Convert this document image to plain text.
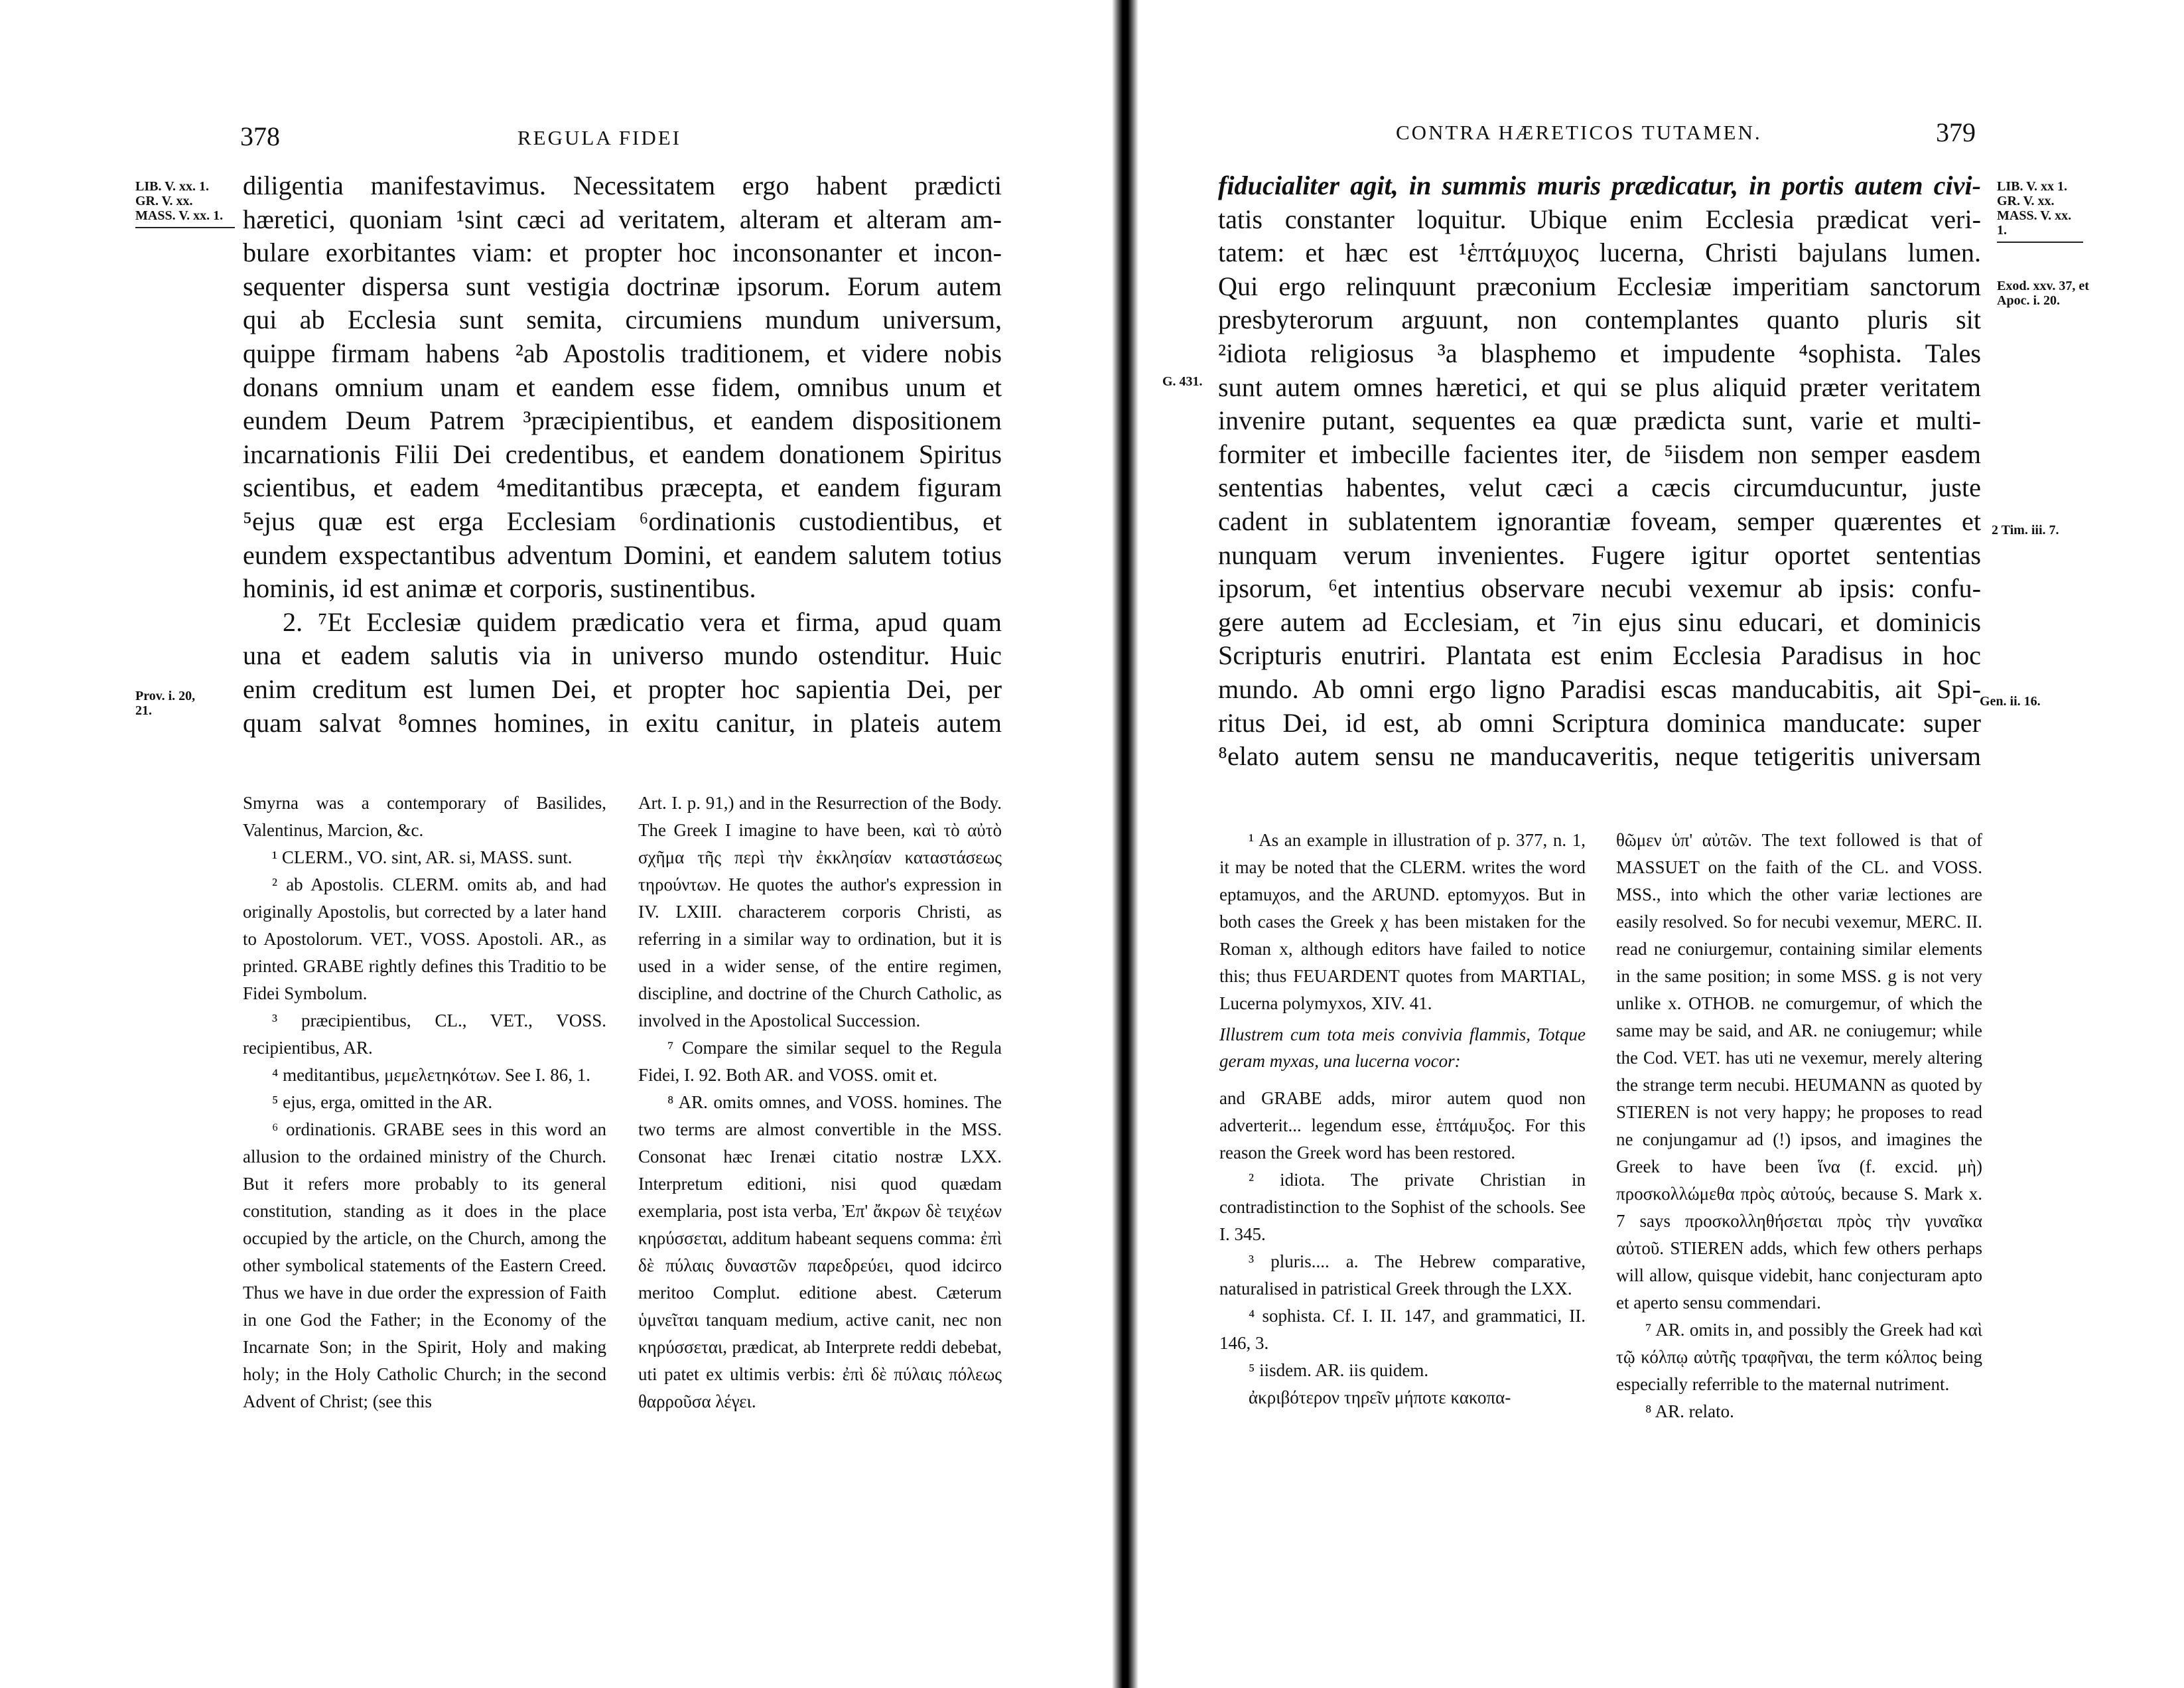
378	REGULA FIDEI
LIB. V. xx. 1. GR. V. xx. MASS. V. xx. 1.
Prov. i. 20, 21.
diligentia manifestavimus. Necessitatem ergo habent prædicti
hæretici, quoniam ¹sint cæci ad veritatem, alteram et alteram am-
bulare exorbitantes viam: et propter hoc inconsonanter et incon-
sequenter dispersa sunt vestigia doctrinæ ipsorum. Eorum autem
qui ab Ecclesia sunt semita, circumiens mundum universum,
quippe firmam habens ²ab Apostolis traditionem, et videre nobis
donans omnium unam et eandem esse fidem, omnibus unum et
eundem Deum Patrem ³præcipientibus, et eandem dispositionem
incarnationis Filii Dei credentibus, et eandem donationem Spiritus
scientibus, et eadem ⁴meditantibus præcepta, et eandem figuram
⁵ejus quæ est erga Ecclesiam ⁶ordinationis custodientibus, et
eundem exspectantibus adventum Domini, et eandem salutem totius
hominis, id est animæ et corporis, sustinentibus.
2. ⁷Et Ecclesiæ quidem prædicatio vera et firma, apud quam
una et eadem salutis via in universo mundo ostenditur. Huic
enim creditum est lumen Dei, et propter hoc sapientia Dei, per
quam salvat ⁸omnes homines, in exitu canitur, in plateis autem

Smyrna was a contemporary of Basilides, Valentinus, Marcion, &c.

¹ CLERM., VO. sint, AR. si, MASS. sunt.

² ab Apostolis. CLERM. omits ab, and had originally Apostolis, but corrected by a later hand to Apostolorum. VET., VOSS. Apostoli. AR., as printed. GRABE rightly defines this Traditio to be Fidei Symbolum.

³ præcipientibus, CL., VET., VOSS. recipientibus, AR.

⁴ meditantibus, μεμελετηκότων. See I. 86, 1.

⁵ ejus, erga, omitted in the AR.

⁶ ordinationis. GRABE sees in this word an allusion to the ordained ministry of the Church. But it refers more probably to its general constitution, standing as it does in the place occupied by the article, on the Church, among the other symbolical statements of the Eastern Creed. Thus we have in due order the expression of Faith in one God the Father; in the Economy of the Incarnate Son; in the Spirit, Holy and making holy; in the Holy Catholic Church; in the second Advent of Christ; (see this

Art. I. p. 91,) and in the Resurrection of the Body. The Greek I imagine to have been, καὶ τὸ αὐτὸ σχῆμα τῆς περὶ τὴν ἐκκλησίαν καταστάσεως τηρούντων. He quotes the author's expression in IV. LXIII. characterem corporis Christi, as referring in a similar way to ordination, but it is used in a wider sense, of the entire regimen, discipline, and doctrine of the Church Catholic, as involved in the Apostolical Succession.

⁷ Compare the similar sequel to the Regula Fidei, I. 92. Both AR. and VOSS. omit et.

⁸ AR. omits omnes, and VOSS. homines. The two terms are almost convertible in the MSS. Consonat hæc Irenæi citatio nostræ LXX. Interpretum editioni, nisi quod quædam exemplaria, post ista verba, Ἐπ' ἄκρων δὲ τειχέων κηρύσσεται, additum habeant sequens comma: ἐπὶ δὲ πύλαις δυναστῶν παρεδρεύει, quod idcirco meritoo Complut. editione abest. Cæterum ὑμνεῖται tanquam medium, active canit, nec non κηρύσσεται, prædicat, ab Interprete reddi debebat, uti patet ex ultimis verbis: ἐπὶ δὲ πύλαις πόλεως θαρροῦσα λέγει.

CONTRA HÆRETICOS TUTAMEN.	379
LIB. V. xx 1. GR. V. xx. MASS. V. xx. 1.
Exod. xxv. 37, et Apoc. i. 20.
G. 431.
2 Tim. iii. 7.
Gen. ii. 16.
fiducialiter agit, in summis muris prædicatur, in portis autem civi-
tatis constanter loquitur. Ubique enim Ecclesia prædicat veri-
tatem: et hæc est ¹ἑπτάμυχος lucerna, Christi bajulans lumen.
Qui ergo relinquunt præconium Ecclesiæ imperitiam sanctorum
presbyterorum arguunt, non contemplantes quanto pluris sit
²idiota religiosus ³a blasphemo et impudente ⁴sophista. Tales
sunt autem omnes hæretici, et qui se plus aliquid præter veritatem
invenire putant, sequentes ea quæ prædicta sunt, varie et multi-
formiter et imbecille facientes iter, de ⁵iisdem non semper easdem
sententias habentes, velut cæci a cæcis circumducuntur, juste
cadent in sublatentem ignorantiæ foveam, semper quærentes et
nunquam verum invenientes. Fugere igitur oportet sententias
ipsorum, ⁶et intentius observare necubi vexemur ab ipsis: confu-
gere autem ad Ecclesiam, et ⁷in ejus sinu educari, et dominicis
Scripturis enutriri. Plantata est enim Ecclesia Paradisus in hoc
mundo. Ab omni ergo ligno Paradisi escas manducabitis, ait Spi-
ritus Dei, id est, ab omni Scriptura dominica manducate: super
⁸elato autem sensu ne manducaveritis, neque tetigeritis universam

¹ As an example in illustration of p. 377, n. 1, it may be noted that the CLERM. writes the word eptamuχos, and the ARUND. eptomyχos. But in both cases the Greek χ has been mistaken for the Roman x, although editors have failed to notice this; thus FEUARDENT quotes from MARTIAL, Lucerna polymyxos, XIV. 41.

Illustrem cum tota meis convivia flammis, Totque geram myxas, una lucerna vocor:

and GRABE adds, miror autem quod non adverterit... legendum esse, ἑπτάμυξος. For this reason the Greek word has been restored.

² idiota. The private Christian in contradistinction to the Sophist of the schools. See I. 345.

³ pluris.... a. The Hebrew comparative, naturalised in patristical Greek through the LXX.

⁴ sophista. Cf. I. II. 147, and grammatici, II. 146, 3.

⁵ iisdem. AR. iis quidem.

ἀκριβότερον τηρεῖν μήποτε κακοπα-

θῶμεν ὑπ' αὐτῶν. The text followed is that of MASSUET on the faith of the CL. and VOSS. MSS., into which the other variæ lectiones are easily resolved. So for necubi vexemur, MERC. II. read ne coniurgemur, containing similar elements in the same position; in some MSS. g is not very unlike x. OTHOB. ne comurgemur, of which the same may be said, and AR. ne coniugemur; while the Cod. VET. has uti ne vexemur, merely altering the strange term necubi. HEUMANN as quoted by STIEREN is not very happy; he proposes to read ne conjungamur ad (!) ipsos, and imagines the Greek to have been ἵνα (f. excid. μὴ) προσκολλώμεθα πρὸς αὐτούς, because S. Mark x. 7 says προσκολληθήσεται πρὸς τὴν γυναῖκα αὐτοῦ. STIEREN adds, which few others perhaps will allow, quisque videbit, hanc conjecturam apto et aperto sensu commendari.

⁷ AR. omits in, and possibly the Greek had καὶ τῷ κόλπῳ αὐτῆς τραφῆναι, the term κόλπος being especially referrible to the maternal nutriment.

⁸ AR. relato.
